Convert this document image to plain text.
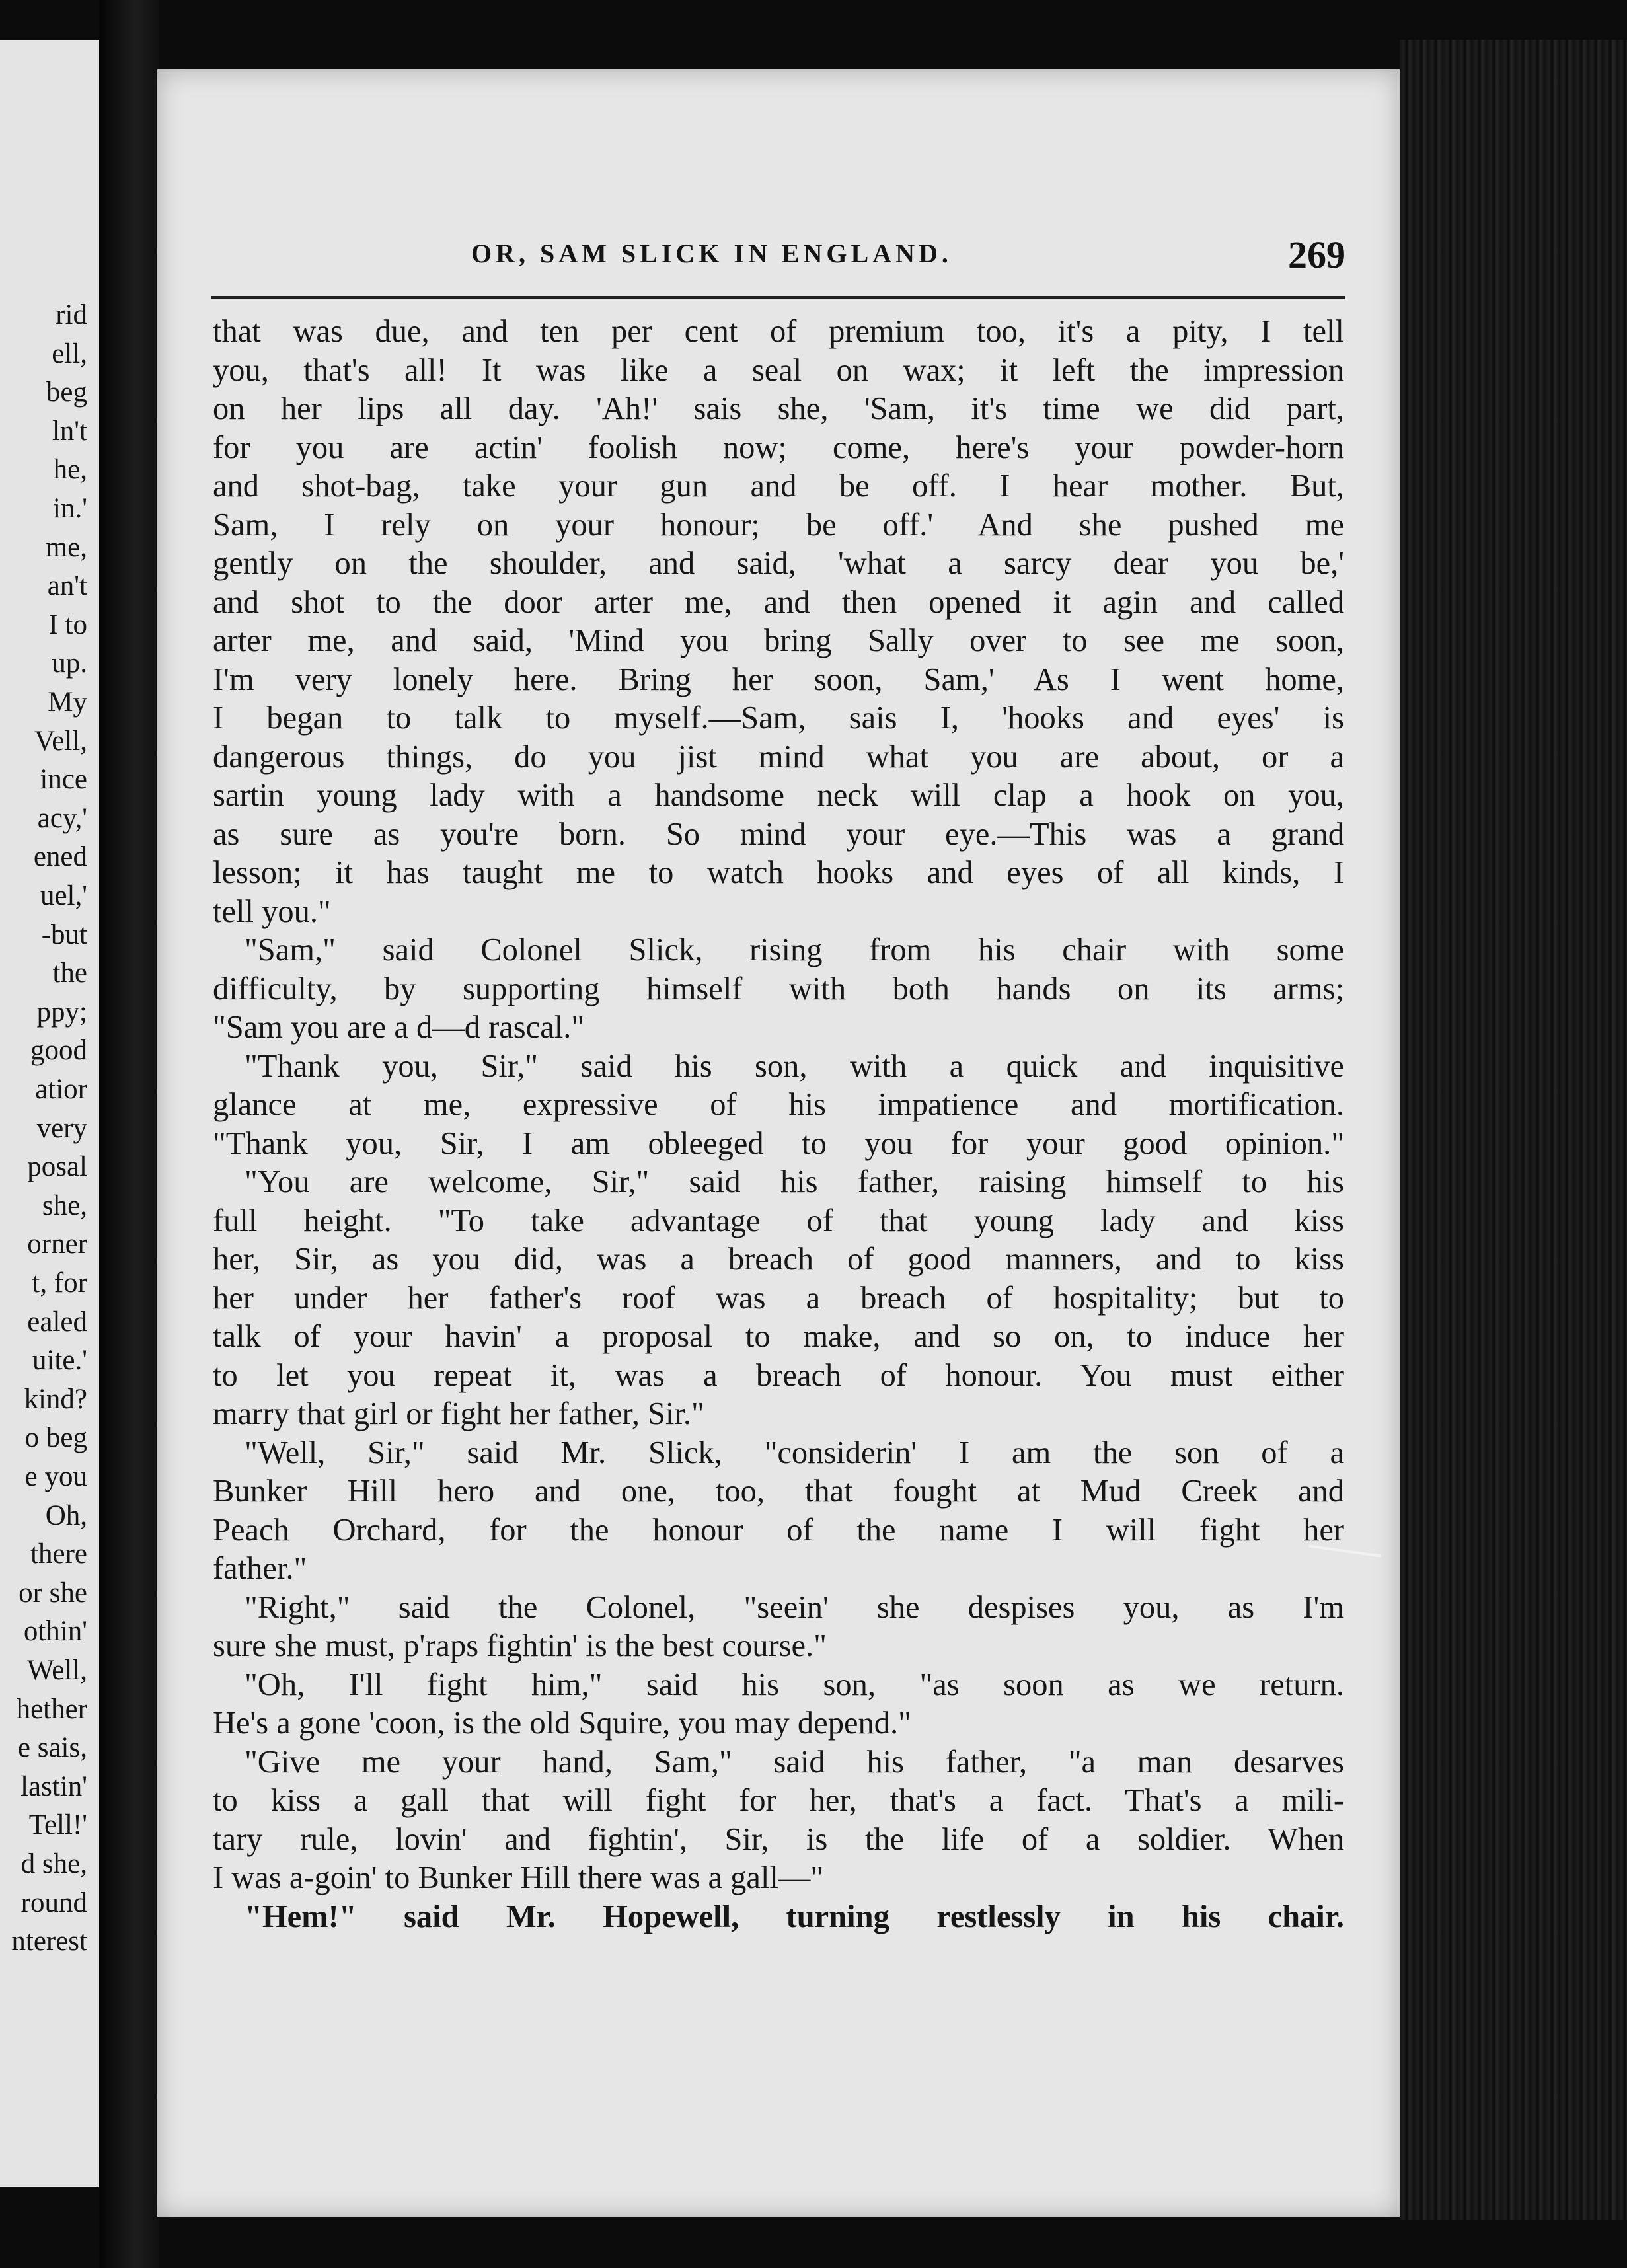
rid
ell,
beg
ln't
he,
in.'
me,
an't
I to
up.
My
Vell,
ince
acy,'
ened
uel,'
-but
the
ppy;
good
atior
very
posal
she,
orner
t, for
ealed
uite.'
kind?
o beg
e you
Oh,
there
or she
othin'
Well,
hether
e sais,
lastin'
Tell!'
d she,
round
nterest
OR, SAM SLICK IN ENGLAND.	269
that was due, and ten per cent of premium too, it's a pity, I tell
you, that's all! It was like a seal on wax; it left the impression
on her lips all day. 'Ah!' sais she, 'Sam, it's time we did part,
for you are actin' foolish now; come, here's your powder-horn
and shot-bag, take your gun and be off. I hear mother. But,
Sam, I rely on your honour; be off.' And she pushed me
gently on the shoulder, and said, 'what a sarcy dear you be,'
and shot to the door arter me, and then opened it agin and called
arter me, and said, 'Mind you bring Sally over to see me soon,
I'm very lonely here. Bring her soon, Sam,' As I went home,
I began to talk to myself.—Sam, sais I, 'hooks and eyes' is
dangerous things, do you jist mind what you are about, or a
sartin young lady with a handsome neck will clap a hook on you,
as sure as you're born. So mind your eye.—This was a grand
lesson; it has taught me to watch hooks and eyes of all kinds, I
tell you."
"Sam," said Colonel Slick, rising from his chair with some
difficulty, by supporting himself with both hands on its arms;
"Sam you are a d—d rascal."
"Thank you, Sir," said his son, with a quick and inquisitive
glance at me, expressive of his impatience and mortification.
"Thank you, Sir, I am obleeged to you for your good opinion."
"You are welcome, Sir," said his father, raising himself to his
full height. "To take advantage of that young lady and kiss
her, Sir, as you did, was a breach of good manners, and to kiss
her under her father's roof was a breach of hospitality; but to
talk of your havin' a proposal to make, and so on, to induce her
to let you repeat it, was a breach of honour. You must either
marry that girl or fight her father, Sir."
"Well, Sir," said Mr. Slick, "considerin' I am the son of a
Bunker Hill hero and one, too, that fought at Mud Creek and
Peach Orchard, for the honour of the name I will fight her
father."
"Right," said the Colonel, "seein' she despises you, as I'm
sure she must, p'raps fightin' is the best course."
"Oh, I'll fight him," said his son, "as soon as we return.
He's a gone 'coon, is the old Squire, you may depend."
"Give me your hand, Sam," said his father, "a man desarves
to kiss a gall that will fight for her, that's a fact. That's a mili-
tary rule, lovin' and fightin', Sir, is the life of a soldier. When
I was a-goin' to Bunker Hill there was a gall—"
"Hem!" said Mr. Hopewell, turning restlessly in his chair.
